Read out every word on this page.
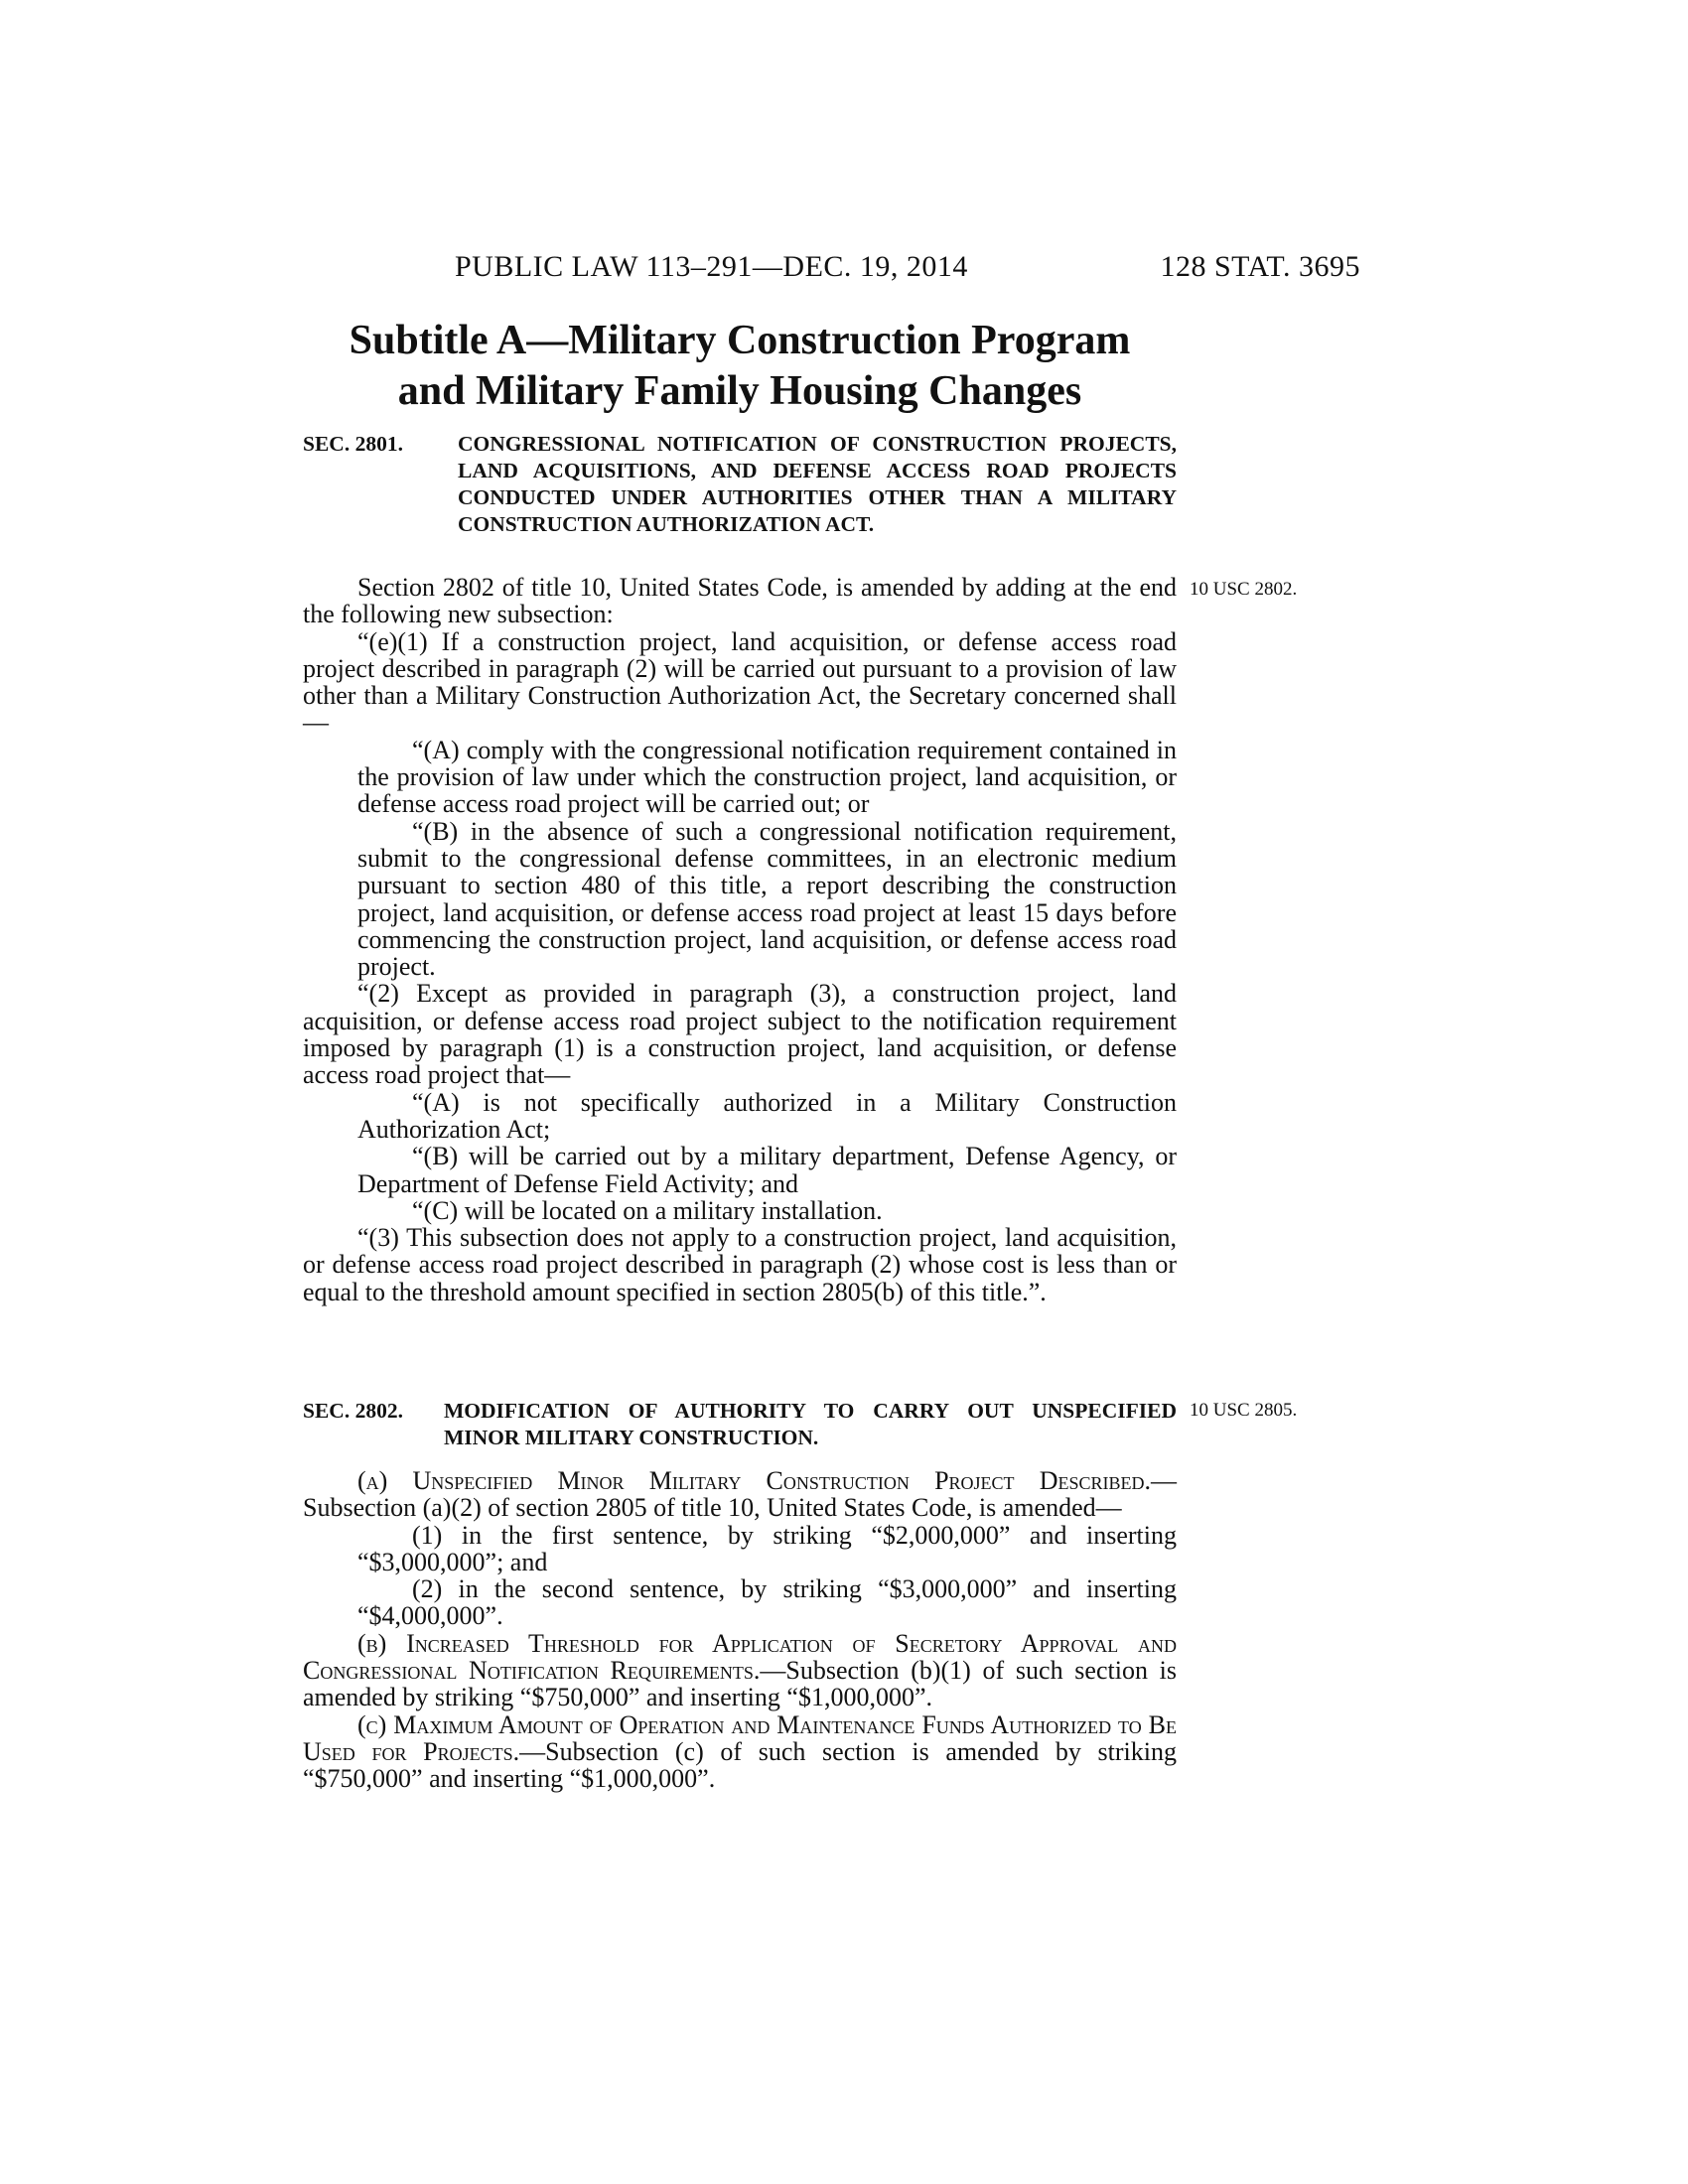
PUBLIC LAW 113–291—DEC. 19, 2014	128 STAT. 3695
Subtitle A—Military Construction Program
and Military Family Housing Changes
SEC. 2801.	CONGRESSIONAL NOTIFICATION OF CONSTRUCTION PROJECTS, LAND ACQUISITIONS, AND DEFENSE ACCESS ROAD PROJECTS CONDUCTED UNDER AUTHORITIES OTHER THAN A MILITARY CONSTRUCTION AUTHORIZATION ACT.
10 USC 2802.

Section 2802 of title 10, United States Code, is amended by adding at the end the following new subsection:

“(e)(1) If a construction project, land acquisition, or defense access road project described in paragraph (2) will be carried out pursuant to a provision of law other than a Military Construction Authorization Act, the Secretary concerned shall—

“(A) comply with the congressional notification requirement contained in the provision of law under which the construction project, land acquisition, or defense access road project will be carried out; or

“(B) in the absence of such a congressional notification requirement, submit to the congressional defense committees, in an electronic medium pursuant to section 480 of this title, a report describing the construction project, land acquisition, or defense access road project at least 15 days before commencing the construction project, land acquisition, or defense access road project.

“(2) Except as provided in paragraph (3), a construction project, land acquisition, or defense access road project subject to the notification requirement imposed by paragraph (1) is a construction project, land acquisition, or defense access road project that—

“(A) is not specifically authorized in a Military Construction Authorization Act;

“(B) will be carried out by a military department, Defense Agency, or Department of Defense Field Activity; and

“(C) will be located on a military installation.

“(3) This subsection does not apply to a construction project, land acquisition, or defense access road project described in paragraph (2) whose cost is less than or equal to the threshold amount specified in section 2805(b) of this title.”.

SEC. 2802. MODIFICATION OF AUTHORITY TO CARRY OUT UNSPECIFIED MINOR MILITARY CONSTRUCTION.
10 USC 2805.

(a) Unspecified Minor Military Construction Project Described.—Subsection (a)(2) of section 2805 of title 10, United States Code, is amended—

(1) in the first sentence, by striking “$2,000,000” and inserting “$3,000,000”; and

(2) in the second sentence, by striking “$3,000,000” and inserting “$4,000,000”.

(b) Increased Threshold for Application of Secretory Approval and Congressional Notification Requirements.—Subsection (b)(1) of such section is amended by striking “$750,000” and inserting “$1,000,000”.

(c) Maximum Amount of Operation and Maintenance Funds Authorized to Be Used for Projects.—Subsection (c) of such section is amended by striking “$750,000” and inserting “$1,000,000”.
